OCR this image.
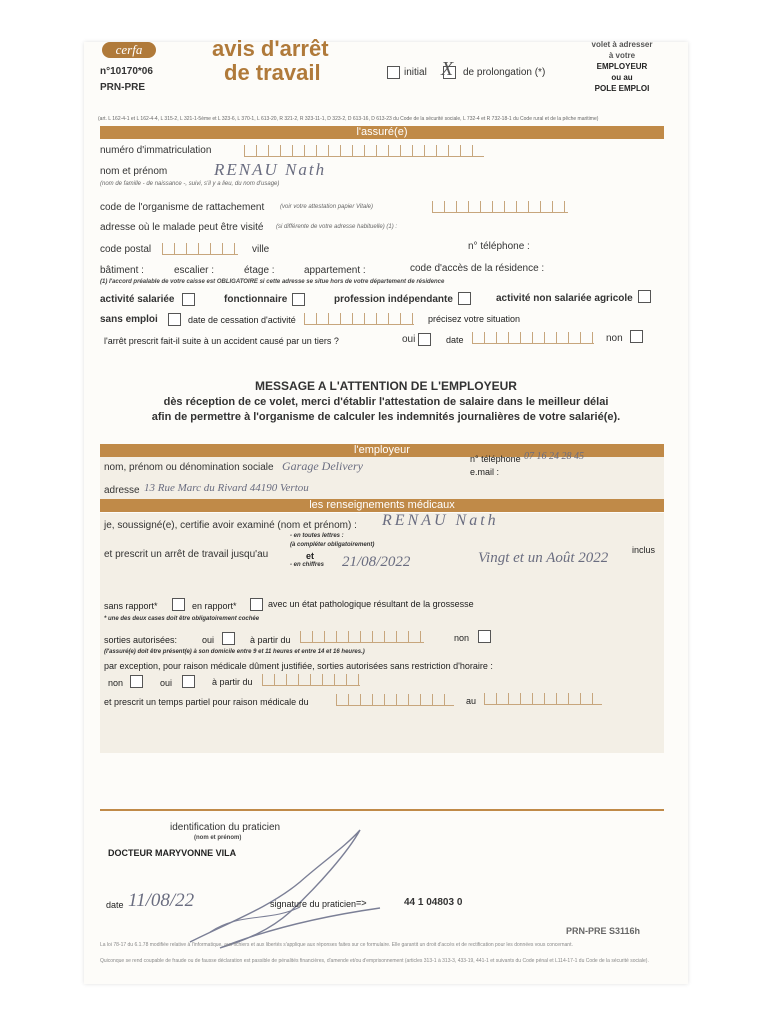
cerfa
n°10170*06
PRN-PRE
avis d'arrêt
de travail	initial X de prolongation (*)
volet à adresser
à votre
EMPLOYEUR
ou au
POLE EMPLOI
(art. L 162-4-1 et L 162-4-4, L 315-2, L 321-1-5ème et L 323-6, L 370-1, L 613-20, R 321-2, R 323-11-1, D 323-2, D 613-16, D 613-23 du Code de la sécurité sociale, L 732-4 et R 732-18-1 du Code rural et de la pêche maritime)
l'assuré(e)
numéro d'immatriculation
nom et prénom	RENAU Nath
(nom de famille - de naissance -, suivi, s'il y a lieu, du nom d'usage)
code de l'organisme de rattachement	(voir votre attestation papier Vitale)
adresse où le malade peut être visité (si différente de votre adresse habituelle) (1) :
code postal	ville	n° téléphone :
bâtiment :	escalier :	étage :	appartement :	code d'accès de la résidence :
(1) l'accord préalable de votre caisse est OBLIGATOIRE si cette adresse se situe hors de votre département de résidence
activité salariée	fonctionnaire	profession indépendante	activité non salariée agricole
sans emploi	date de cessation d'activité	précisez votre situation
l'arrêt prescrit fait-il suite à un accident causé par un tiers ?	oui	date	non
MESSAGE A L'ATTENTION DE L'EMPLOYEUR
dès réception de ce volet, merci d'établir l'attestation de salaire dans le meilleur délai
afin de permettre à l'organisme de calculer les indemnités journalières de votre salarié(e).
l'employeur
nom, prénom ou dénomination sociale Garage Delivery	n° téléphone 07 16 24 28 45
e.mail :
adresse 13 Rue Marc du Rivard 44190 Vertou
les renseignements médicaux
je, soussigné(e), certifie avoir examiné (nom et prénom) : RENAU Nath
et prescrit un arrêt de travail jusqu'au
- en toutes lettres :
(à compléter obligatoirement)
et
- en chiffres 21/08/2022	Vingt et un Août 2022	inclus
sans rapport*	en rapport*	avec un état pathologique résultant de la grossesse
* une des deux cases doit être obligatoirement cochée
sorties autorisées:	oui	à partir du	non
(l'assuré(e) doit être présent(e) à son domicile entre 9 et 11 heures et entre 14 et 16 heures.)
par exception, pour raison médicale dûment justifiée, sorties autorisées sans restriction d'horaire :
non	oui	à partir du
et prescrit un temps partiel pour raison médicale du	au
identification du praticien
(nom et prénom)
DOCTEUR MARYVONNE VILA
date 11/08/22	signature du praticien =>	44 1 04803 0
PRN-PRE S3116h
La loi 78-17 du 6.1.78 modifiée relative à l'informatique, aux fichiers et aux libertés s'applique aux réponses faites sur ce formulaire. Elle garantit un droit d'accès et de rectification pour les données vous concernant.
Quiconque se rend coupable de fraude ou de fausse déclaration est passible de pénalités financières, d'amende et/ou d'emprisonnement (articles 313-1 à 313-3, 433-19, 441-1 et suivants du Code pénal et L114-17-1 du Code de la sécurité sociale).
